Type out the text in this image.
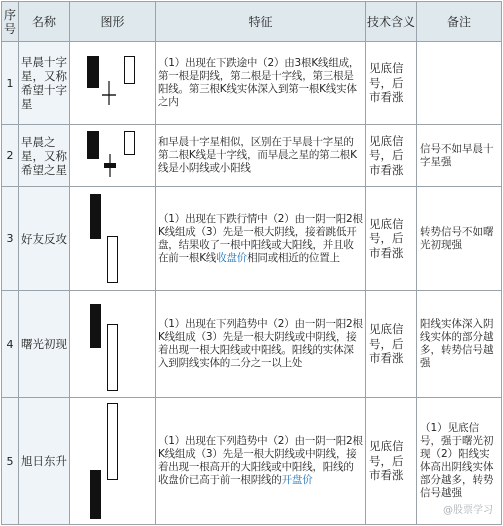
序号	名称	图形	特征	技术含义	备注
1	早晨十字星，又称希望十字星		（1）出现在下跌途中（2）由3根K线组成，第一根是阴线，第二根是十字线，第三根是阳线。第三根K线实体深入到第一根K线实体之内	见底信号，后市看涨	
2	早晨之星，又称希望之星		和早晨十字星相似，区别在于早晨十字星的第二根K线是十字线，而早晨之星的第二根K线是小阴线或小阳线	见底信号，后市看涨	信号不如早晨十字星强
3	好友反攻		（1）出现在下跌行情中（2）由一阴一阳2根K线组成（3）先是一根大阴线，接着跳低开盘，结果收了一根中阳线或大阳线，并且收在前一根K线收盘价相同或相近的位置上	见底信号，后市看涨	转势信号不如曙光初现强
4	曙光初现		（1）出现在下列趋势中（2）由一阴一阳2根K线组成（3）先是一根大阴线或中阴线，接着出现一根大阳线或中阳线。阳线的实体深入到阴线实体的二分之一以上处	见底信号，后市看涨	阳线实体深入阴线实体的部分越多，转势信号越强
5	旭日东升		（1）出现在下列趋势中（2）由一阴一阳2根K线组成（3）先是一根大阴线或中阴线，接着出现一根高开的大阳线或中阳线，阳线的收盘价已高于前一根阴线的开盘价	见底信号，后市看涨	（1）见底信号，强于曙光初现（2）阳线实体高出阴线实体部分越多，转势信号越强
@股票学习
